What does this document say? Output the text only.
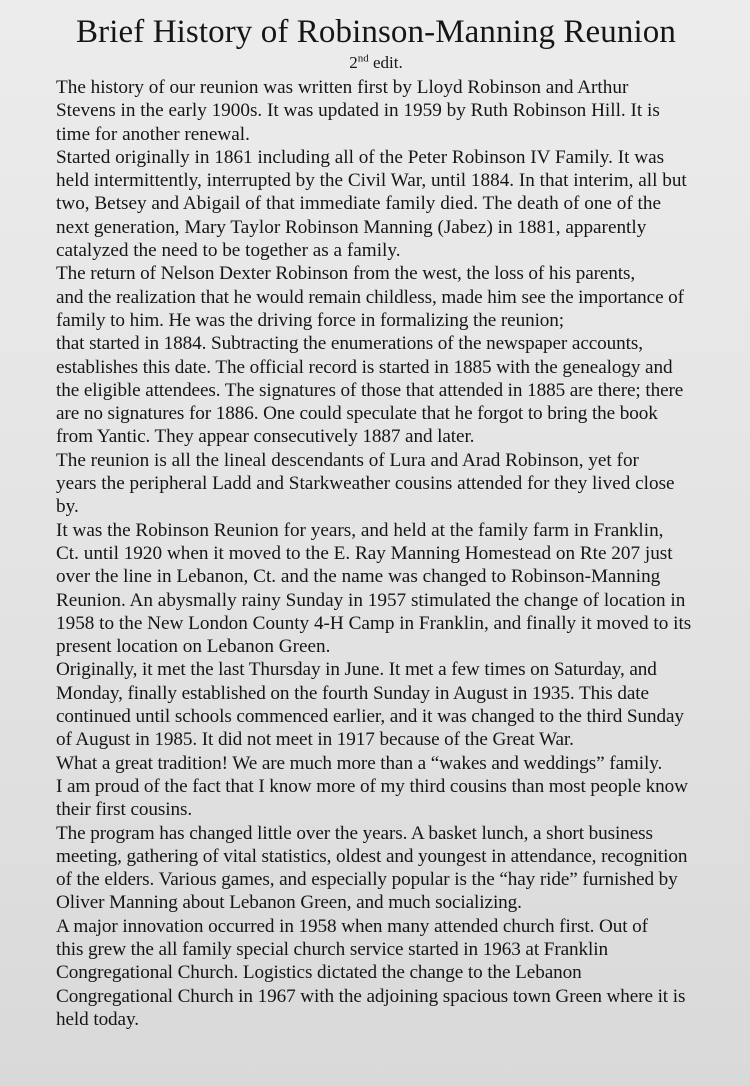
Brief History of Robinson-Manning Reunion
2nd edit.

The history of our reunion was written first by Lloyd Robinson and Arthur
Stevens in the early 1900s. It was updated in 1959 by Ruth Robinson Hill. It is
time for another renewal.

Started originally in 1861 including all of the Peter Robinson IV Family. It was
held intermittently, interrupted by the Civil War, until 1884. In that interim, all but
two, Betsey and Abigail of that immediate family died. The death of one of the
next generation, Mary Taylor Robinson Manning (Jabez) in 1881, apparently
catalyzed the need to be together as a family.

The return of Nelson Dexter Robinson from the west, the loss of his parents,
and the realization that he would remain childless, made him see the importance of
family to him. He was the driving force in formalizing the reunion;
that started in 1884. Subtracting the enumerations of the newspaper accounts,
establishes this date. The official record is started in 1885 with the genealogy and
the eligible attendees. The signatures of those that attended in 1885 are there; there
are no signatures for 1886. One could speculate that he forgot to bring the book
from Yantic. They appear consecutively 1887 and later.

The reunion is all the lineal descendants of Lura and Arad Robinson, yet for
years the peripheral Ladd and Starkweather cousins attended for they lived close
by.

It was the Robinson Reunion for years, and held at the family farm in Franklin,
Ct. until 1920 when it moved to the E. Ray Manning Homestead on Rte 207 just
over the line in Lebanon, Ct. and the name was changed to Robinson-Manning
Reunion. An abysmally rainy Sunday in 1957 stimulated the change of location in
1958 to the New London County 4-H Camp in Franklin, and finally it moved to its
present location on Lebanon Green.

Originally, it met the last Thursday in June. It met a few times on Saturday, and
Monday, finally established on the fourth Sunday in August in 1935. This date
continued until schools commenced earlier, and it was changed to the third Sunday
of August in 1985. It did not meet in 1917 because of the Great War.

What a great tradition! We are much more than a “wakes and weddings” family.
I am proud of the fact that I know more of my third cousins than most people know
their first cousins.

The program has changed little over the years. A basket lunch, a short business
meeting, gathering of vital statistics, oldest and youngest in attendance, recognition
of the elders. Various games, and especially popular is the “hay ride” furnished by
Oliver Manning about Lebanon Green, and much socializing.

A major innovation occurred in 1958 when many attended church first. Out of
this grew the all family special church service started in 1963 at Franklin
Congregational Church. Logistics dictated the change to the Lebanon
Congregational Church in 1967 with the adjoining spacious town Green where it is
held today.
